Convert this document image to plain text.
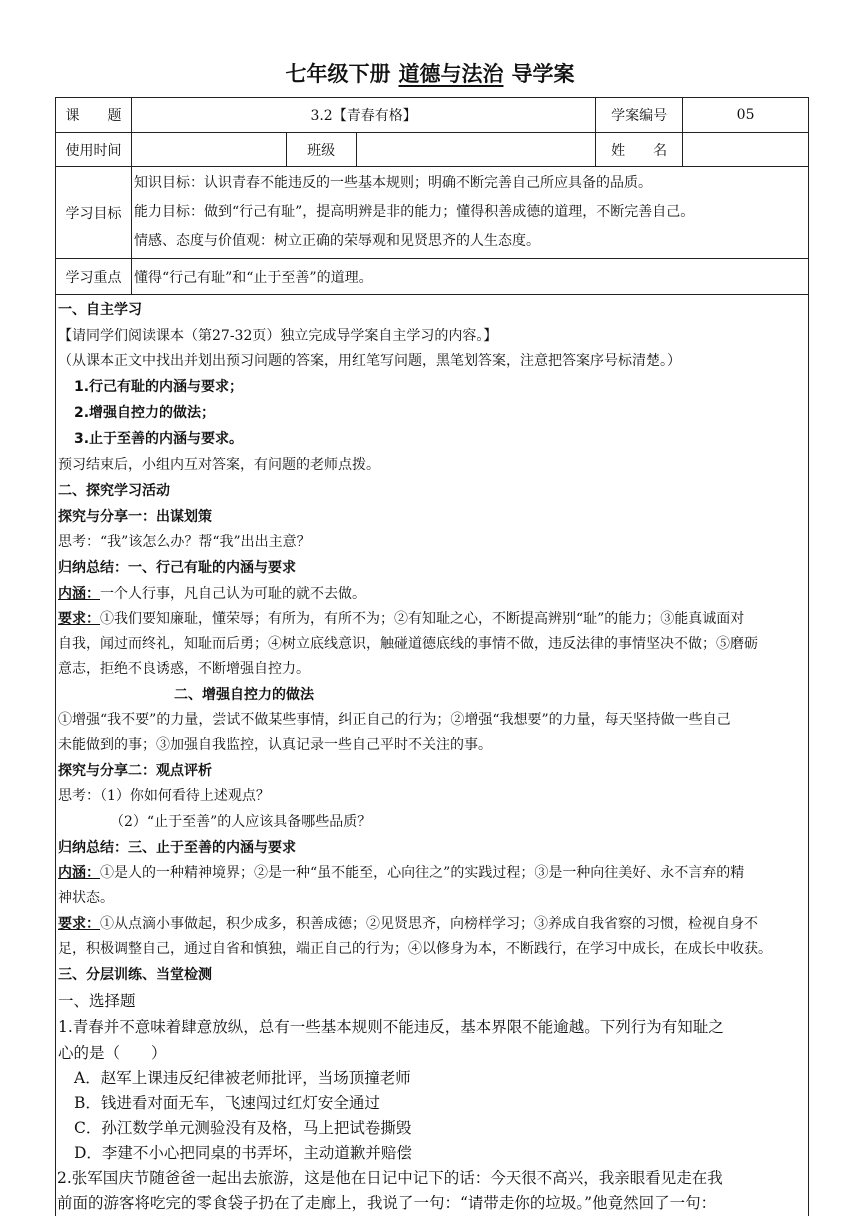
七年级下册 道德与法治 导学案
课　　题	3.2【青春有格】			学案编号	05
使用时间		班级		姓　　名	
学习目标	知识目标：认识青春不能违反的一些基本规则；明确不断完善自己所应具备的品质。
能力目标：做到“行己有耻”，提高明辨是非的能力；懂得积善成德的道理，不断完善自己。
情感、态度与价值观：树立正确的荣辱观和见贤思齐的人生态度。				

学习重点	懂得“行己有耻”和“止于至善”的道理。				
一、自主学习
【请同学们阅读课本（第27-32页）独立完成导学案自主学习的内容。】
（从课本正文中找出并划出预习问题的答案，用红笔写问题，黑笔划答案，注意把答案序号标清楚。）
1.行己有耻的内涵与要求；
2.增强自控力的做法；
3.止于至善的内涵与要求。
预习结束后，小组内互对答案，有问题的老师点拨。
二、探究学习活动
探究与分享一：出谋划策
思考：“我”该怎么办？帮“我”出出主意？
归纳总结：一、行己有耻的内涵与要求
内涵：一个人行事，凡自己认为可耻的就不去做。
要求：①我们要知廉耻，懂荣辱；有所为，有所不为；②有知耻之心，不断提高辨别“耻”的能力；③能真诚面对
自我，闻过而终礼，知耻而后勇；④树立底线意识，触碰道德底线的事情不做，违反法律的事情坚决不做；⑤磨砺
意志，拒绝不良诱惑，不断增强自控力。
二、增强自控力的做法
①增强“我不要”的力量，尝试不做某些事情，纠正自己的行为；②增强“我想要”的力量，每天坚持做一些自己
未能做到的事；③加强自我监控，认真记录一些自己平时不关注的事。
探究与分享二：观点评析
思考：（1）你如何看待上述观点？
（2）“止于至善”的人应该具备哪些品质？
归纳总结：三、止于至善的内涵与要求
内涵：①是人的一种精神境界；②是一种“虽不能至，心向往之”的实践过程；③是一种向往美好、永不言弃的精
神状态。
要求：①从点滴小事做起，积少成多，积善成德；②见贤思齐，向榜样学习；③养成自我省察的习惯，检视自身不
足，积极调整自己，通过自省和慎独，端正自己的行为；④以修身为本，不断践行，在学习中成长，在成长中收获。
三、分层训练、当堂检测
一、选择题
1.青春并不意味着肆意放纵，总有一些基本规则不能违反，基本界限不能逾越。下列行为有知耻之
心的是（　　）
A．赵军上课违反纪律被老师批评，当场顶撞老师
B．钱进看对面无车，飞速闯过红灯安全通过
C．孙江数学单元测验没有及格，马上把试卷撕毁
D．李建不小心把同桌的书弄坏，主动道歉并赔偿
2.张军国庆节随爸爸一起出去旅游，这是他在日记中记下的话：今天很不高兴，我亲眼看见走在我
前面的游客将吃完的零食袋子扔在了走廊上，我说了一句：“请带走你的垃圾。”他竟然回了一句：
